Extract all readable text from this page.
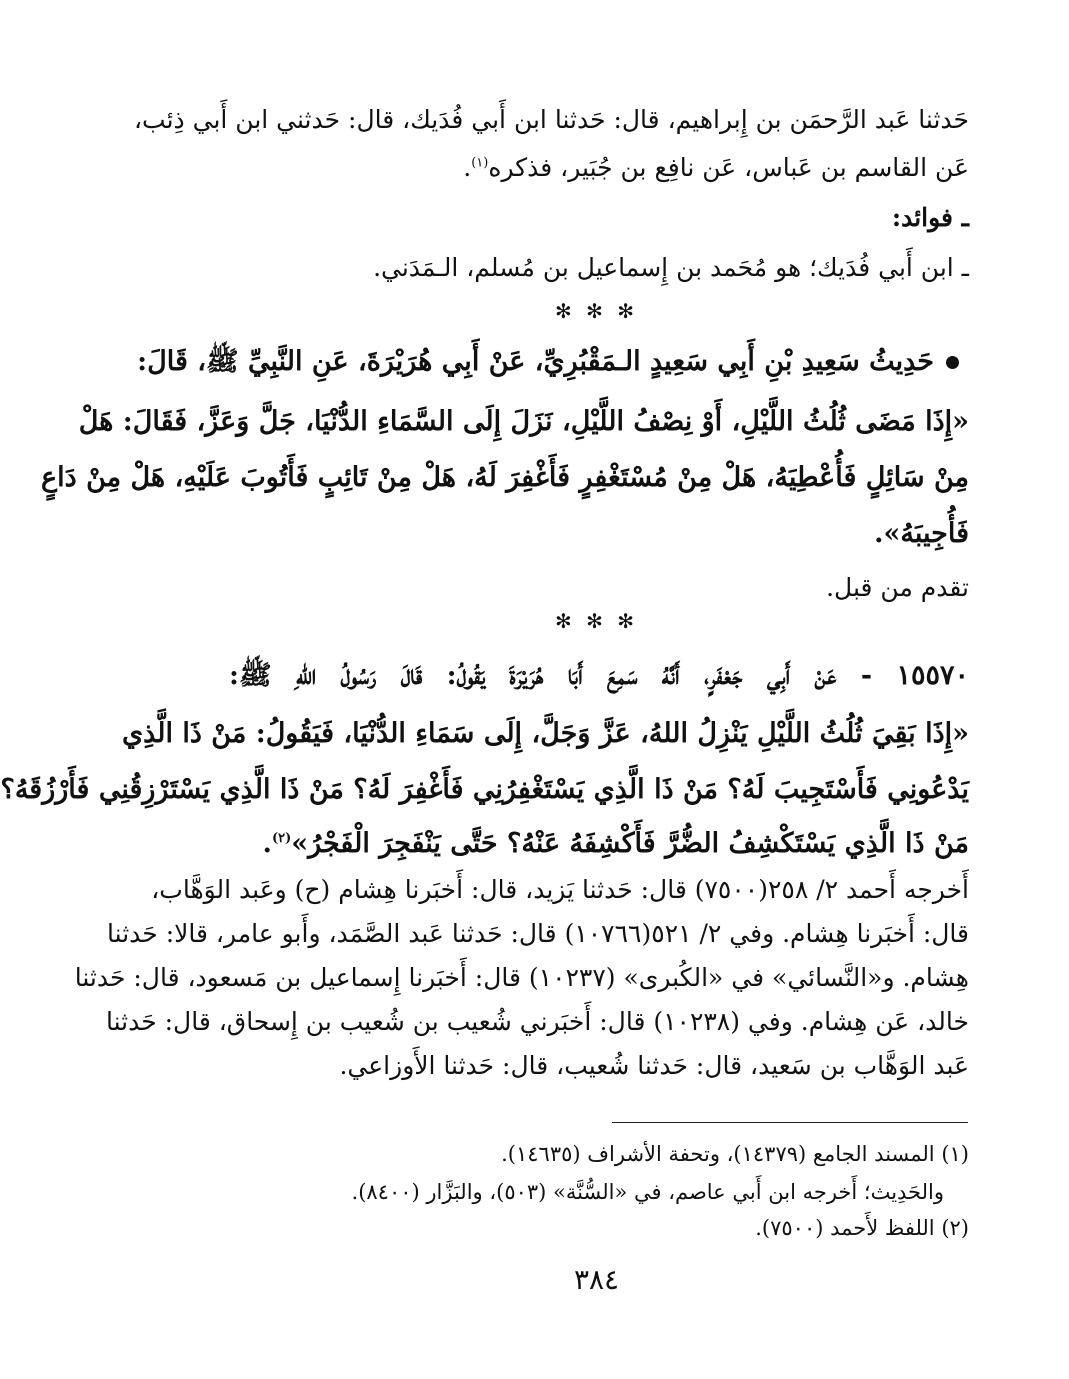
حَدثنا عَبد الرَّحمَن بن إِبراهيم، قال: حَدثنا ابن أَبي فُدَيك، قال: حَدثني ابن أَبي ذِئب،
عَن القاسم بن عَباس، عَن نافِع بن جُبَير، فذكره$^{(١)}$.
ـ فوائد:
ـ ابن أَبي فُدَيك؛ هو مُحَمد بن إِسماعيل بن مُسلم، الـمَدَني.
✻ ✻ ✻
حَدِيثُ سَعِيدِ بْنِ أَبِي سَعِيدٍ الـمَقْبُرِيِّ، عَنْ أَبِي هُرَيْرَةَ، عَنِ النَّبِيِّ ﷺ، قَالَ:
«إِذَا مَضَى ثُلُثُ اللَّيْلِ، أَوْ نِصْفُ اللَّيْلِ، نَزَلَ إِلَى السَّمَاءِ الدُّنْيَا، جَلَّ وَعَزَّ، فَقَالَ: هَلْ
مِنْ سَائِلٍ فَأُعْطِيَهُ، هَلْ مِنْ مُسْتَغْفِرٍ فَأَغْفِرَ لَهُ، هَلْ مِنْ تَائِبٍ فَأَتُوبَ عَلَيْهِ، هَلْ مِنْ دَاعٍ
فَأُجِيبَهُ».
تقدم من قبل.
✻ ✻ ✻
١٥٥٧٠ - عَنْ أَبِي جَعْفَرٍ، أَنَّهُ سَمِعَ أَبَا هُرَيْرَةَ يَقُولُ: قَالَ رَسُولُ اللهِ ﷺ:
«إِذَا بَقِيَ ثُلُثُ اللَّيْلِ يَنْزِلُ اللهُ، عَزَّ وَجَلَّ، إِلَى سَمَاءِ الدُّنْيَا، فَيَقُولُ: مَنْ ذَا الَّذِي
يَدْعُونِي فَأَسْتَجِيبَ لَهُ؟ مَنْ ذَا الَّذِي يَسْتَغْفِرُنِي فَأَغْفِرَ لَهُ؟ مَنْ ذَا الَّذِي يَسْتَرْزِقُنِي فَأَرْزُقَهُ؟
مَنْ ذَا الَّذِي يَسْتَكْشِفُ الضُّرَّ فَأَكْشِفَهُ عَنْهُ؟ حَتَّى يَنْفَجِرَ الْفَجْرُ»$^{(٢)}$.
أَخرجه أَحمد ٢/ ٢٥٨(٧٥٠٠) قال: حَدثنا يَزيد، قال: أَخبَرنا هِشام (ح) وعَبد الوَهَّاب،
قال: أَخبَرنا هِشام. وفي ٢/ ٥٢١(١٠٧٦٦) قال: حَدثنا عَبد الصَّمَد، وأَبو عامر، قالا: حَدثنا
هِشام. و«النَّسائي» في «الكُبرى» (١٠٢٣٧) قال: أَخبَرنا إِسماعيل بن مَسعود، قال: حَدثنا
خالد، عَن هِشام. وفي (١٠٢٣٨) قال: أَخبَرني شُعيب بن شُعيب بن إِسحاق، قال: حَدثنا
عَبد الوَهَّاب بن سَعيد، قال: حَدثنا شُعيب، قال: حَدثنا الأَوزاعي.
(١) المسند الجامع (١٤٣٧٩)، وتحفة الأشراف (١٤٦٣٥).
والحَدِيث؛ أَخرجه ابن أَبي عاصم، في «السُّنَّة» (٥٠٣)، والبَزَّار (٨٤٠٠).
(٢) اللفظ لأَحمد (٧٥٠٠).
٣٨٤
